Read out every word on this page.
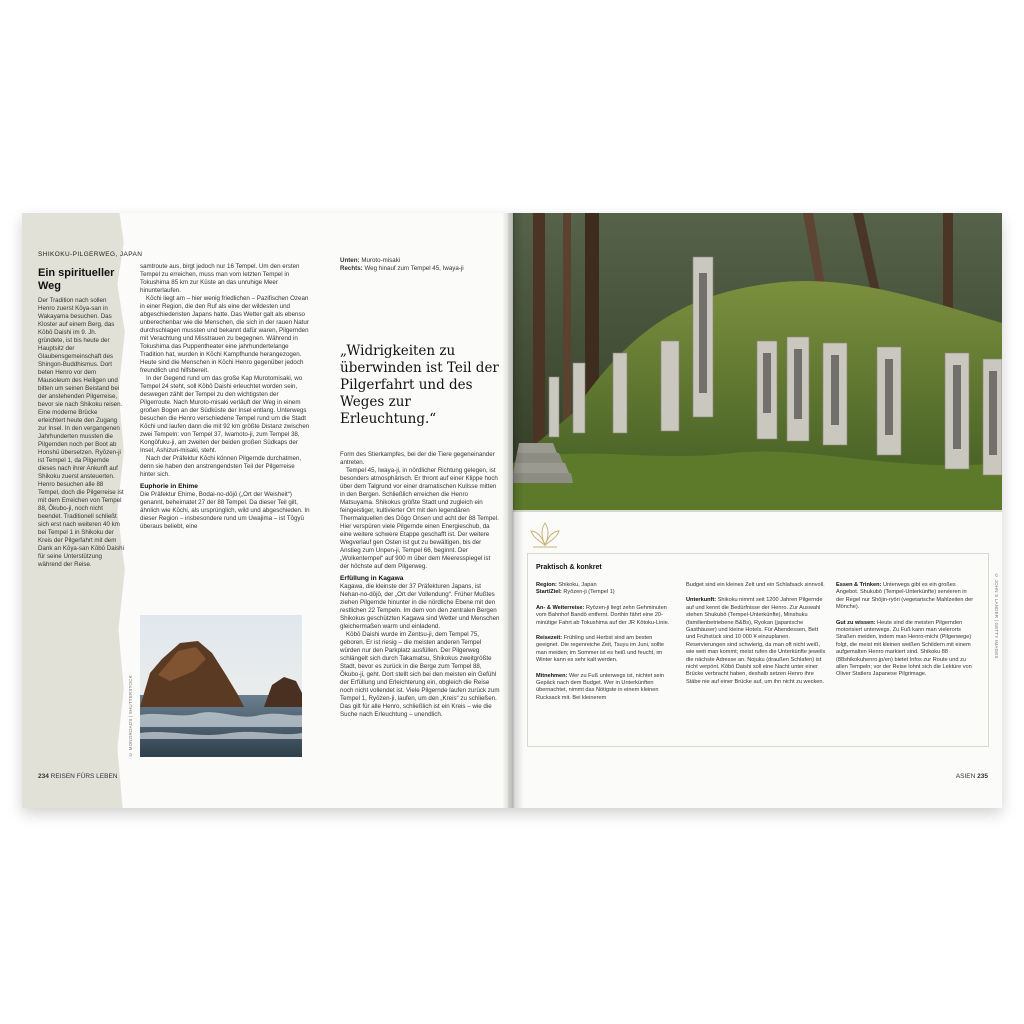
SHIKOKU-PILGERWEG, JAPAN
Ein spiritueller Weg
Der Tradition nach sollen Henro zuerst Kōya-san in Wakayama besuchen. Das Kloster auf einem Berg, das Kōbō Daishi im 9. Jh. gründete, ist bis heute der Hauptsitz der Glaubensgemeinschaft des Shingon-Buddhismus. Dort beten Henro vor dem Mausoleum des Heiligen und bitten um seinen Beistand bei der anstehenden Pilgerreise, bevor sie nach Shikoku reisen. Eine moderne Brücke erleichtert heute den Zugang zur Insel. In den vergangenen Jahrhunderten mussten die Pilgernden noch per Boot ab Honshū übersetzen. Ryōzen-ji ist Tempel 1, da Pilgernde dieses nach ihrer Ankunft auf Shikoku zuerst ansteuerten. Henro besuchen alle 88 Tempel, doch die Pilgerreise ist mit dem Erreichen von Tempel 88, Ōkubo-ji, noch nicht beendet. Traditionell schließt sich erst nach weiteren 40 km bei Tempel 1 in Shikoku der Kreis der Pilgerfahrt mit dem Dank an Kōya-san Kōbō Daishi für seine Unterstützung während der Reise.
samtroute aus, birgt jedoch nur 16 Tempel. Um den ersten Tempel zu erreichen, muss man vom letzten Tempel in Tokushima 85 km zur Küste an das unruhige Meer hinunterlaufen.
Kōchi liegt am – hier wenig friedlichen – Pazifischen Ozean in einer Region, die den Ruf als eine der wildesten und abgeschiedensten Japans hatte. Das Wetter galt als ebenso unberechenbar wie die Menschen, die sich in der rauen Natur durchschlagen mussten und bekannt dafür waren, Pilgernden mit Verachtung und Misstrauen zu begegnen. Während in Tokushima das Puppentheater eine jahrhundertelange Tradition hat, wurden in Kōchi Kampfhunde herangezogen. Heute sind die Menschen in Kōchi Henro gegenüber jedoch freundlich und hilfsbereit.
In der Gegend rund um das große Kap Murotomisaki, wo Tempel 24 steht, soll Kōbō Daishi erleuchtet worden sein, deswegen zählt der Tempel zu den wichtigsten der Pilgerroute. Nach Muroto-misaki verläuft der Weg in einem großen Bogen an der Südküste der Insel entlang. Unterwegs besuchen die Henro verschiedene Tempel rund um die Stadt Kōchi und laufen dann die mit 92 km größte Distanz zwischen zwei Tempeln: von Tempel 37, Iwamoto-ji, zum Tempel 38, Kongōfuku-ji, am zweiten der beiden großen Südkaps der Insel, Ashizuri-misaki, steht.
Nach der Präfektur Kōchi können Pilgernde durchatmen, denn sie haben den anstrengendsten Teil der Pilgerreise hinter sich.
Euphorie in Ehime
Die Präfektur Ehime, Bodai-no-dōjō („Ort der Weisheit“) genannt, beheimatet 27 der 88 Tempel. Da dieser Teil gilt, ähnlich wie Kōchi, als ursprünglich, wild und abgeschieden. In dieser Region – insbesondere rund um Uwajima – ist Tōgyū überaus beliebt, eine
Unten: Muroto-misaki
Rechts: Weg hinauf zum Tempel 45, Iwaya-ji
„Widrigkeiten zu überwinden ist Teil der Pilgerfahrt und des Weges zur Erleuchtung.“
Form des Stierkampfes, bei der die Tiere gegeneinander antreten.
Tempel 45, Iwaya-ji, in nördlicher Richtung gelegen, ist besonders atmosphärisch. Er thront auf einer Klippe hoch über dem Talgrund vor einer dramatischen Kulisse mitten in den Bergen. Schließlich erreichen die Henro Matsuyama. Shikokus größte Stadt und zugleich ein feingeistiger, kultivierter Ort mit den legendären Thermalquellen des Dōgo Onsen und acht der 88 Tempel. Hier verspüren viele Pilgernde einen Energieschub, da eine weitere schwere Etappe geschafft ist. Der weitere Wegverlauf gen Osten ist gut zu bewältigen, bis der Anstieg zum Unpen-ji, Tempel 66, beginnt. Der „Wolkentempel“ auf 900 m über dem Meeresspiegel ist der höchste auf dem Pilgerweg.
Erfüllung in Kagawa
Kagawa, die kleinste der 37 Präfekturen Japans, ist Nehan-no-dōjō, der „Ort der Vollendung“. Früher Mußtes ziehen Pilgernde hinunter in die nördliche Ebene mit den restlichen 22 Tempeln. Im dem von den zentralen Bergen Shikokus geschützten Kagawa sind Wetter und Menschen gleichermaßen warm und einladend.
Kōbō Daishi wurde im Zentsu-ji, dem Tempel 75, geboren. Er ist riesig – die meisten anderen Tempel würden nur den Parkplatz ausfüllen. Der Pilgerweg schlängelt sich durch Takamatsu, Shikokus zweitgrößte Stadt, bevor es zurück in die Berge zum Tempel 88, Ōkubo-ji, geht. Dort stellt sich bei den meisten ein Gefühl der Erfüllung und Erleichterung ein, obgleich die Reise noch nicht vollendet ist. Viele Pilgernde laufen zurück zum Tempel 1, Ryōzen-ji, laufen, um den „Kreis“ zu schließen. Das gilt für alle Henro, schließlich ist ein Kreis – wie die Suche nach Erleuchtung – unendlich.
© MONOROADS | SHUTTERSTOCK
234 REISEN FÜRS LEBEN
© JOHN S LANDER | GETTY IMAGES
Praktisch & konkret
Region: Shikoku, Japan
Start/Ziel: Ryōzen-ji (Tempel 1)
An- & Weiterreise: Ryōzen-ji liegt zehn Gehminuten vom Bahnhof Bandō entfernt. Dorthin fährt eine 20-minütige Fahrt ab Tokushima auf der JR Kōtoku-Linie.
Reisezeit: Frühling und Herbst sind am besten geeignet. Die regenreiche Zeit, Tsuyu im Juni, sollte man meiden; im Sommer ist es heiß und feucht, im Winter kann es sehr kalt werden.
Mitnehmen: Wer zu Fuß unterwegs ist, nichtet sein Gepäck nach dem Budget. Wer in Unterkünften übernachtet, nimmt das Nötigste in einem kleinen Rucksack mit. Bei kleinerem
Budget sind ein kleines Zelt und ein Schlafsack sinnvoll.
Unterkunft: Shikoku nimmt seit 1200 Jahren Pilgernde auf und kennt die Bedürfnisse der Henro. Zur Auswahl stehen Shukubō (Tempel-Unterkünfte), Minshuku (familienbetriebene B&Bs), Ryokan (japanische Gasthäuser) und kleine Hotels. Für Abendessen, Bett und Frühstück sind 10 000 ¥ einzuplanen. Reservierungen sind schwierig, da man oft nicht weiß, wie weit man kommt; meist rufen die Unterkünfte jeweils die nächste Adresse an. Nojuku (draußen Schlafen) ist nicht verpönt. Kōbō Daishi soll eine Nacht unter einer Brücke verbracht haben, deshalb setzen Henro ihre Stäbe nie auf einer Brücke auf, um ihn nicht zu wecken.
Essen & Trinken: Unterwegs gibt es ein großes Angebot. Shukubō (Tempel-Unterkünfte) servieren in der Regel nur Shōjin-ryōri (vegetarische Mahlzeiten der Mönche).
Gut zu wissen: Heute sind die meisten Pilgernden motorisiert unterwegs. Zu Fuß kann man vielerorts Straßen meiden, indem man Henro-michi (Pilgerwege) folgt, die meist mit kleinen weißen Schildern mit einem aufgemalten Henro markiert sind. Shikoku 88 (88shikokuhenro.jp/en) bietet Infos zur Route und zu allen Tempeln; vor der Reise lohnt sich die Lektüre von Oliver Statlers Japanese Pilgrimage.
ASIEN 235
